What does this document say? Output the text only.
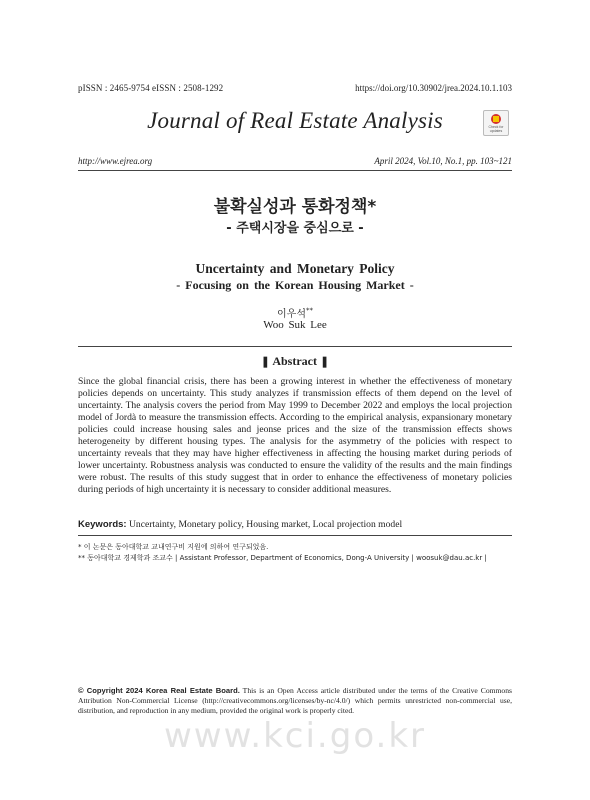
pISSN : 2465-9754 eISSN : 2508-1292	https://doi.org/10.30902/jrea.2024.10.1.103
Journal of Real Estate Analysis	Check for updates
http://www.ejrea.org	April 2024, Vol.10, No.1, pp. 103~121
불확실성과 통화정책*
- 주택시장을 중심으로 -
Uncertainty and Monetary Policy
- Focusing on the Korean Housing Market -
이우석**
Woo Suk Lee
❚ Abstract ❚
Since the global financial crisis, there has been a growing interest in whether the effectiveness of monetary policies depends on uncertainty. This study analyzes if transmission effects of them depend on the level of uncertainty. The analysis covers the period from May 1999 to December 2022 and employs the local projection model of Jordà to measure the transmission effects. According to the empirical analysis, expansionary monetary policies could increase housing sales and jeonse prices and the size of the transmission effects shows heterogeneity by different housing types. The analysis for the asymmetry of the policies with respect to uncertainty reveals that they may have higher effectiveness in affecting the housing market during periods of lower uncertainty. Robustness analysis was conducted to ensure the validity of the results and the main findings were robust. The results of this study suggest that in order to enhance the effectiveness of monetary policies during periods of high uncertainty it is necessary to consider additional measures.
Keywords: Uncertainty, Monetary policy, Housing market, Local projection model
* 이 논문은 동아대학교 교내연구비 지원에 의하여 연구되었음.
** 동아대학교 경제학과 조교수 | Assistant Professor, Department of Economics, Dong-A University | woosuk@dau.ac.kr |
© Copyright 2024 Korea Real Estate Board. This is an Open Access article distributed under the terms of the Creative Commons Attribution Non-Commercial License (http://creativecommons.org/licenses/by-nc/4.0/) which permits unrestricted non-commercial use, distribution, and reproduction in any medium, provided the original work is properly cited.
www.kci.go.kr
